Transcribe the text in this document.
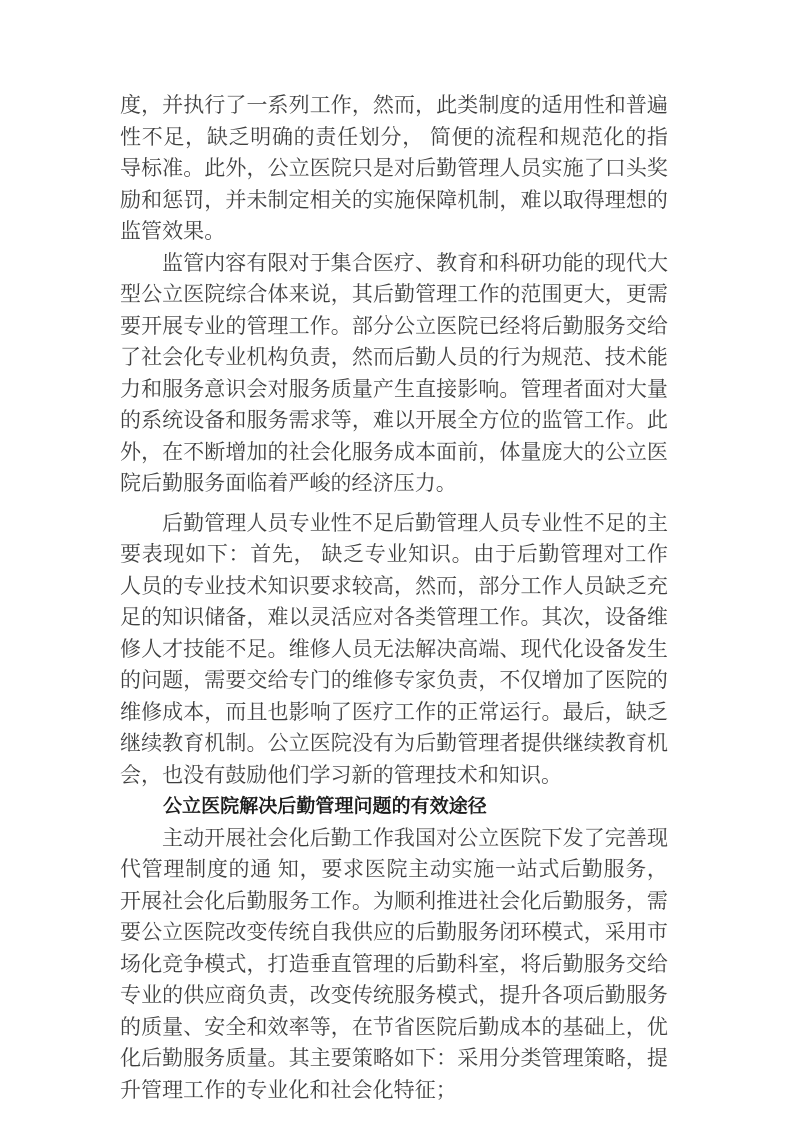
度，并执行了一系列工作，然而，此类制度的适用性和普遍性不足，缺乏明确的责任划分， 简便的流程和规范化的指导标准。此外，公立医院只是对后勤管理人员实施了口头奖励和惩罚，并未制定相关的实施保障机制，难以取得理想的监管效果。

监管内容有限对于集合医疗、教育和科研功能的现代大型公立医院综合体来说，其后勤管理工作的范围更大，更需要开展专业的管理工作。部分公立医院已经将后勤服务交给了社会化专业机构负责，然而后勤人员的行为规范、技术能力和服务意识会对服务质量产生直接影响。管理者面对大量的系统设备和服务需求等，难以开展全方位的监管工作。此外，在不断增加的社会化服务成本面前，体量庞大的公立医院后勤服务面临着严峻的经济压力。

后勤管理人员专业性不足后勤管理人员专业性不足的主要表现如下：首先， 缺乏专业知识。由于后勤管理对工作人员的专业技术知识要求较高，然而，部分工作人员缺乏充足的知识储备，难以灵活应对各类管理工作。其次，设备维修人才技能不足。维修人员无法解决高端、现代化设备发生的问题，需要交给专门的维修专家负责，不仅增加了医院的维修成本，而且也影响了医疗工作的正常运行。最后，缺乏继续教育机制。公立医院没有为后勤管理者提供继续教育机会，也没有鼓励他们学习新的管理技术和知识。

公立医院解决后勤管理问题的有效途径

主动开展社会化后勤工作我国对公立医院下发了完善现代管理制度的通 知，要求医院主动实施一站式后勤服务，开展社会化后勤服务工作。为顺利推进社会化后勤服务，需要公立医院改变传统自我供应的后勤服务闭环模式，采用市场化竞争模式，打造垂直管理的后勤科室，将后勤服务交给专业的供应商负责，改变传统服务模式，提升各项后勤服务的质量、安全和效率等，在节省医院后勤成本的基础上，优化后勤服务质量。其主要策略如下：采用分类管理策略，提升管理工作的专业化和社会化特征；
